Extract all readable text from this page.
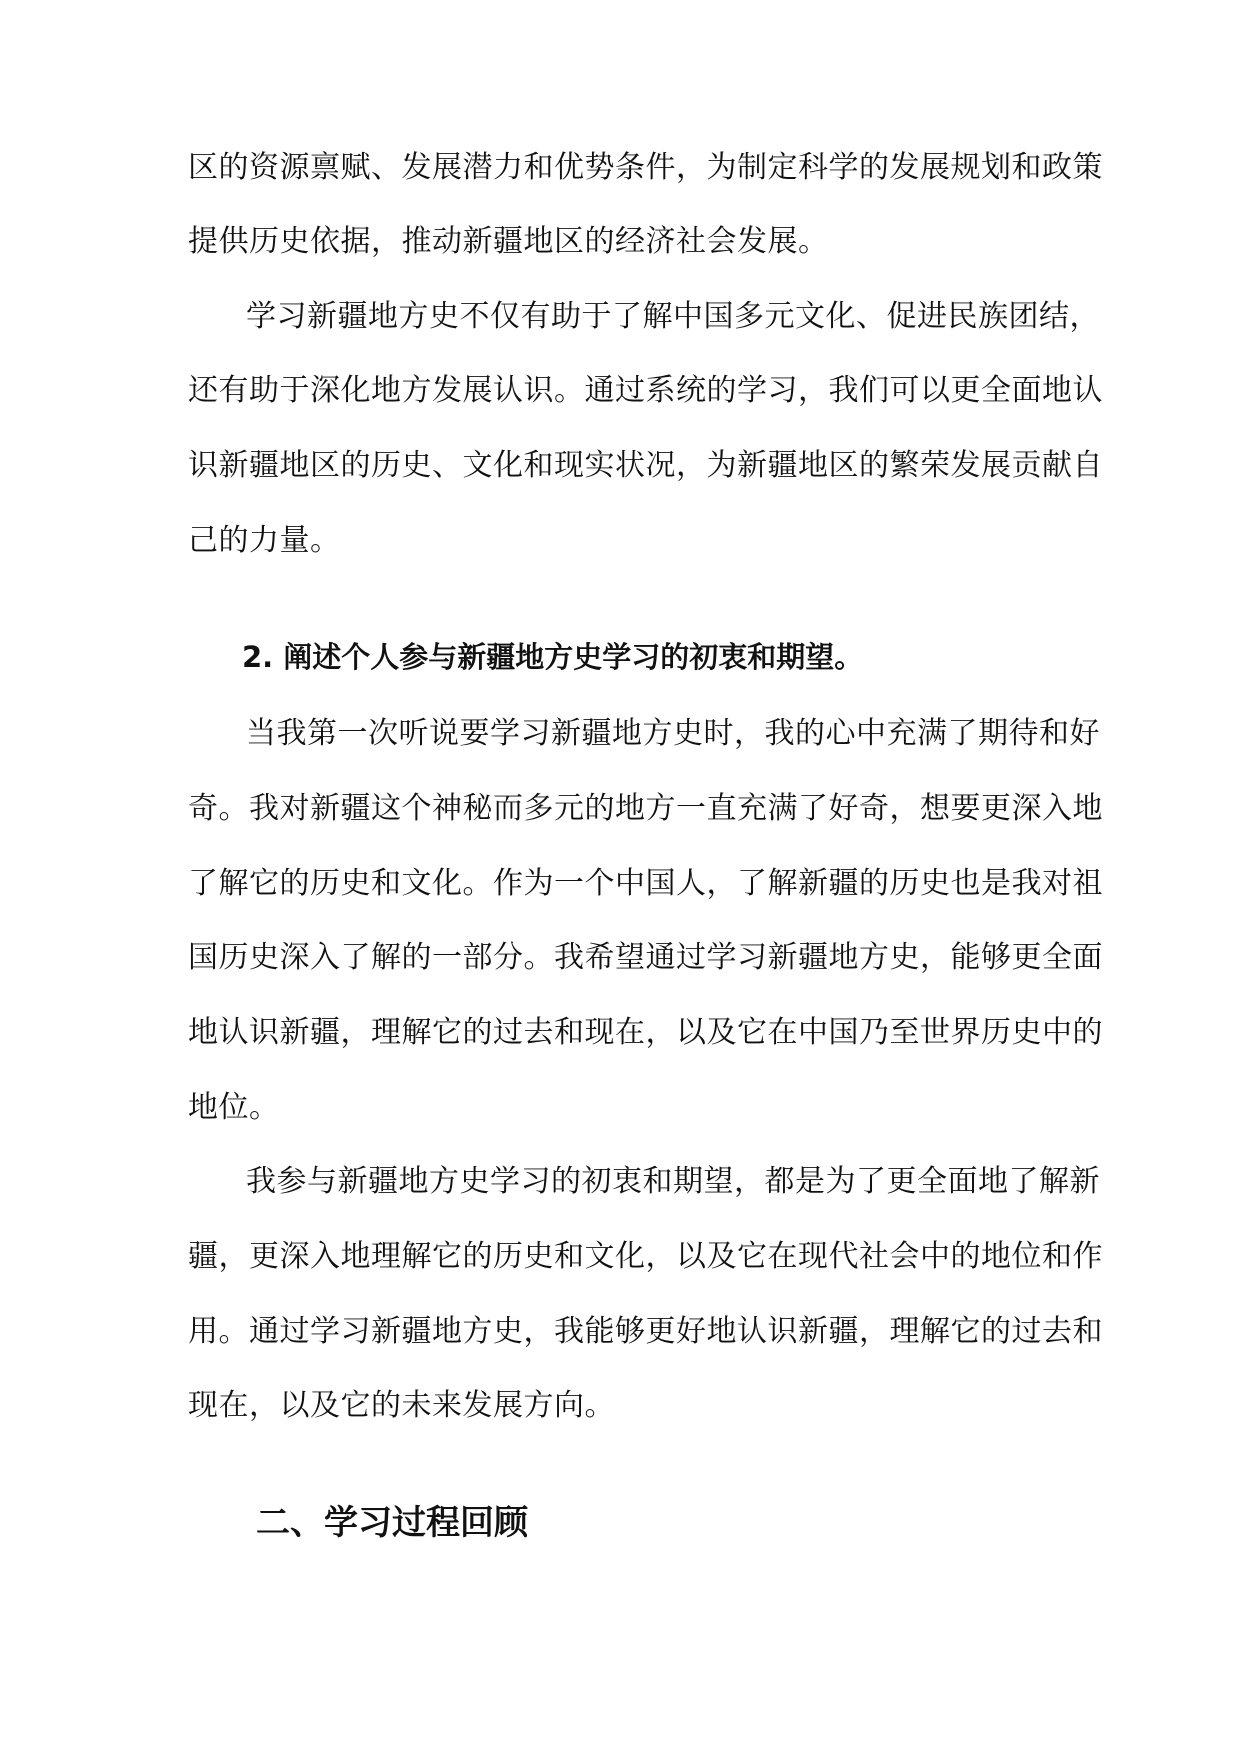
区的资源禀赋、发展潜力和优势条件，为制定科学的发展规划和政策
提供历史依据，推动新疆地区的经济社会发展。
学习新疆地方史不仅有助于了解中国多元文化、促进民族团结，
还有助于深化地方发展认识。通过系统的学习，我们可以更全面地认
识新疆地区的历史、文化和现实状况，为新疆地区的繁荣发展贡献自
己的力量。
2. 阐述个人参与新疆地方史学习的初衷和期望。
当我第一次听说要学习新疆地方史时，我的心中充满了期待和好
奇。我对新疆这个神秘而多元的地方一直充满了好奇，想要更深入地
了解它的历史和文化。作为一个中国人，了解新疆的历史也是我对祖
国历史深入了解的一部分。我希望通过学习新疆地方史，能够更全面
地认识新疆，理解它的过去和现在，以及它在中国乃至世界历史中的
地位。
我参与新疆地方史学习的初衷和期望，都是为了更全面地了解新
疆，更深入地理解它的历史和文化，以及它在现代社会中的地位和作
用。通过学习新疆地方史，我能够更好地认识新疆，理解它的过去和
现在，以及它的未来发展方向。
二、学习过程回顾
